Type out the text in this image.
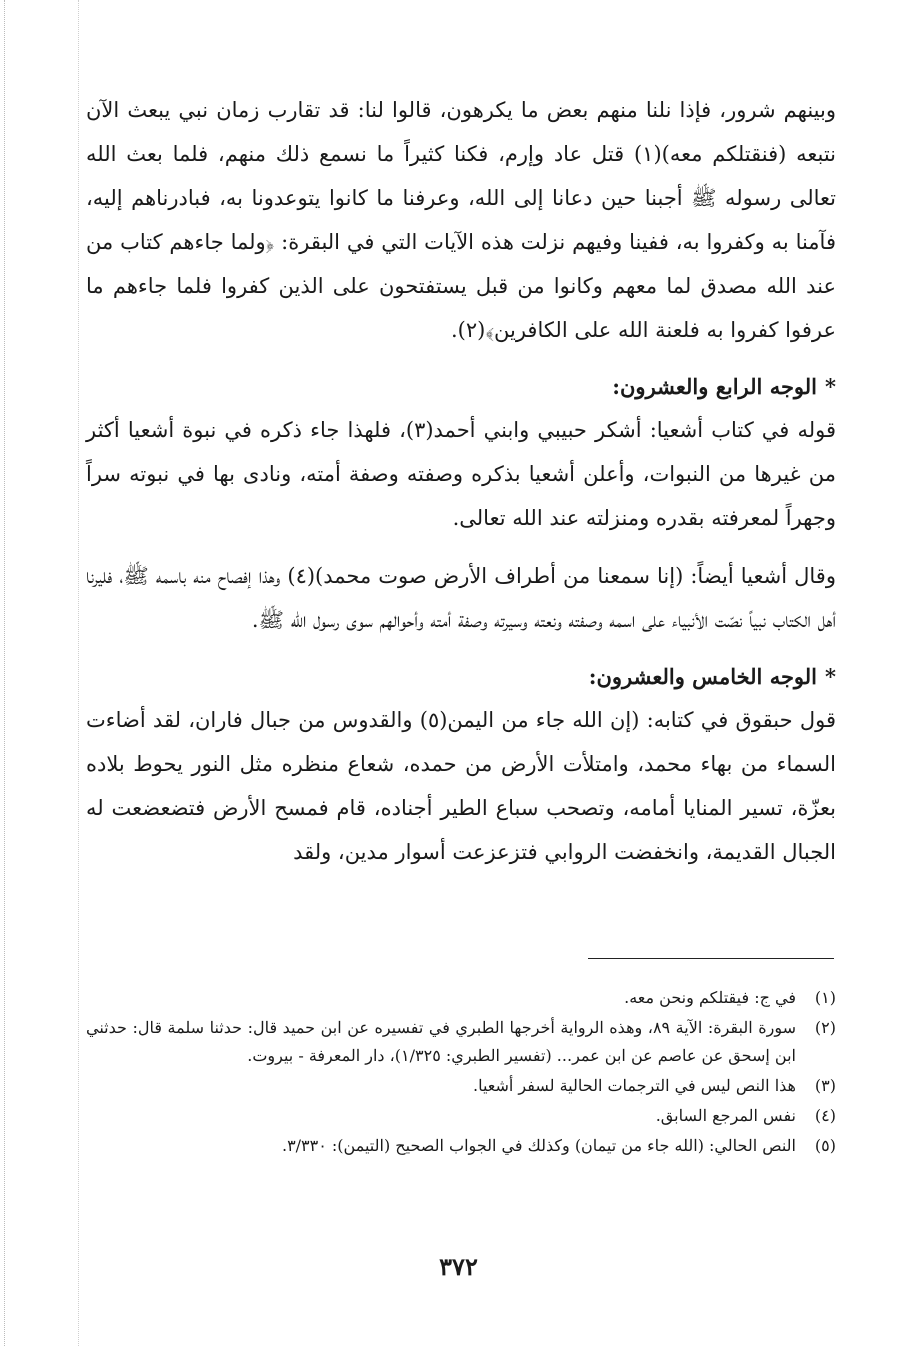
وبينهم شرور، فإذا نلنا منهم بعض ما يكرهون، قالوا لنا: قد تقارب زمان نبي يبعث الآن نتبعه (فنقتلكم معه)(١) قتل عاد وإرم، فكنا كثيراً ما نسمع ذلك منهم، فلما بعث الله تعالى رسوله ﷺ أجبنا حين دعانا إلى الله، وعرفنا ما كانوا يتوعدونا به، فبادرناهم إليه، فآمنا به وكفروا به، ففينا وفيهم نزلت هذه الآيات التي في البقرة: ﴿ولما جاءهم كتاب من عند الله مصدق لما معهم وكانوا من قبل يستفتحون على الذين كفروا فلما جاءهم ما عرفوا كفروا به فلعنة الله على الكافرين﴾(٢).

*الوجه الرابع والعشرون:

قوله في كتاب أشعيا: أشكر حبيبي وابني أحمد(٣)، فلهذا جاء ذكره في نبوة أشعيا أكثر من غيرها من النبوات، وأعلن أشعيا بذكره وصفته وصفة أمته، ونادى بها في نبوته سراً وجهراً لمعرفته بقدره ومنزلته عند الله تعالى.

وقال أشعيا أيضاً: (إنا سمعنا من أطراف الأرض صوت محمد)(٤) وهذا إفصاح منه باسمه ﷺ، فليرنا أهل الكتاب نبياً نصّت الأنبياء على اسمه وصفته ونعته وسيرته وصفة أمته وأحوالهم سوى رسول الله ﷺ.

*الوجه الخامس والعشرون:

قول حبقوق في كتابه: (إن الله جاء من اليمن(٥) والقدوس من جبال فاران، لقد أضاءت السماء من بهاء محمد، وامتلأت الأرض من حمده، شعاع منظره مثل النور يحوط بلاده بعزّة، تسير المنايا أمامه، وتصحب سباع الطير أجناده، قام فمسح الأرض فتضعضعت له الجبال القديمة، وانخفضت الروابي فتزعزعت أسوار مدين، ولقد

(١)
في ج: فيقتلكم ونحن معه.
(٢)
سورة البقرة: الآية ٨٩، وهذه الرواية أخرجها الطبري في تفسيره عن ابن حميد قال: حدثنا سلمة قال: حدثني ابن إسحق عن عاصم عن ابن عمر... (تفسير الطبري: ١/٣٢٥)، دار المعرفة - بيروت.
(٣)
هذا النص ليس في الترجمات الحالية لسفر أشعيا.
(٤)
نفس المرجع السابق.
(٥)
النص الحالي: (الله جاء من تيمان) وكذلك في الجواب الصحيح (التيمن): ٣/٣٣٠.
٣٧٢
